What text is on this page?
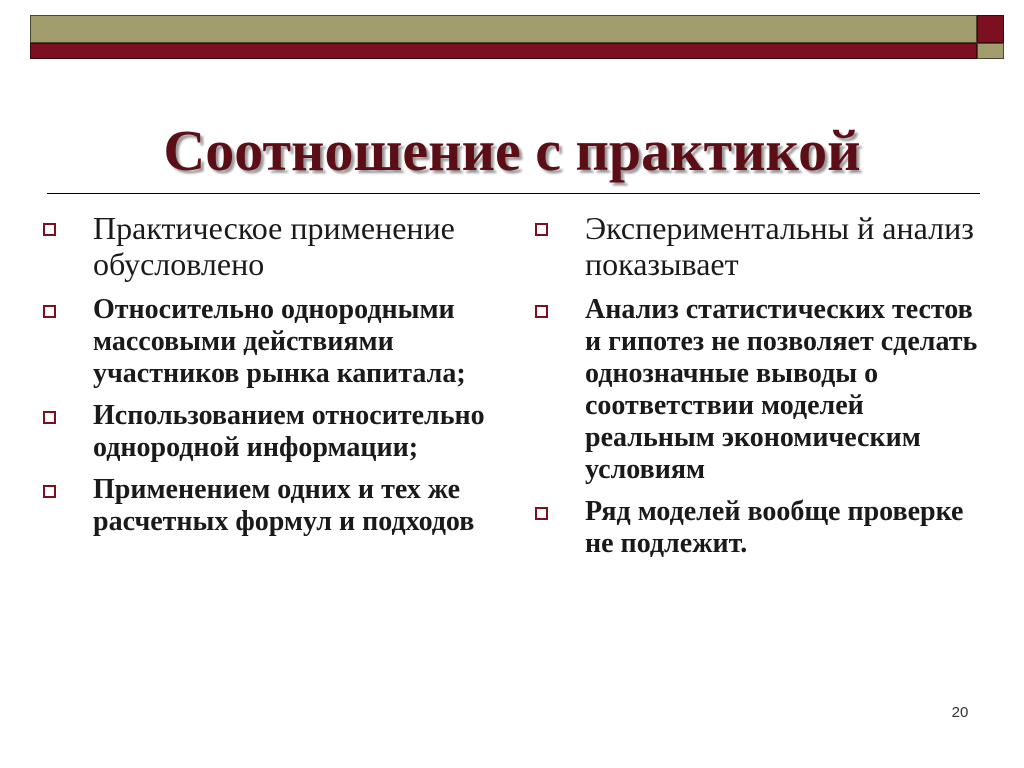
Соотношение с практикой
Практическое применение обусловлено
Относительно однородными массовыми действиями участников рынка капитала;
Использованием относительно однородной информации;
Применением одних и тех же расчетных формул и подходов
Экспериментальны й анализ показывает
Анализ статистических тестов и гипотез не позволяет сделать однозначные выводы о соответствии моделей реальным экономическим условиям
Ряд моделей вообще проверке не подлежит.
20
